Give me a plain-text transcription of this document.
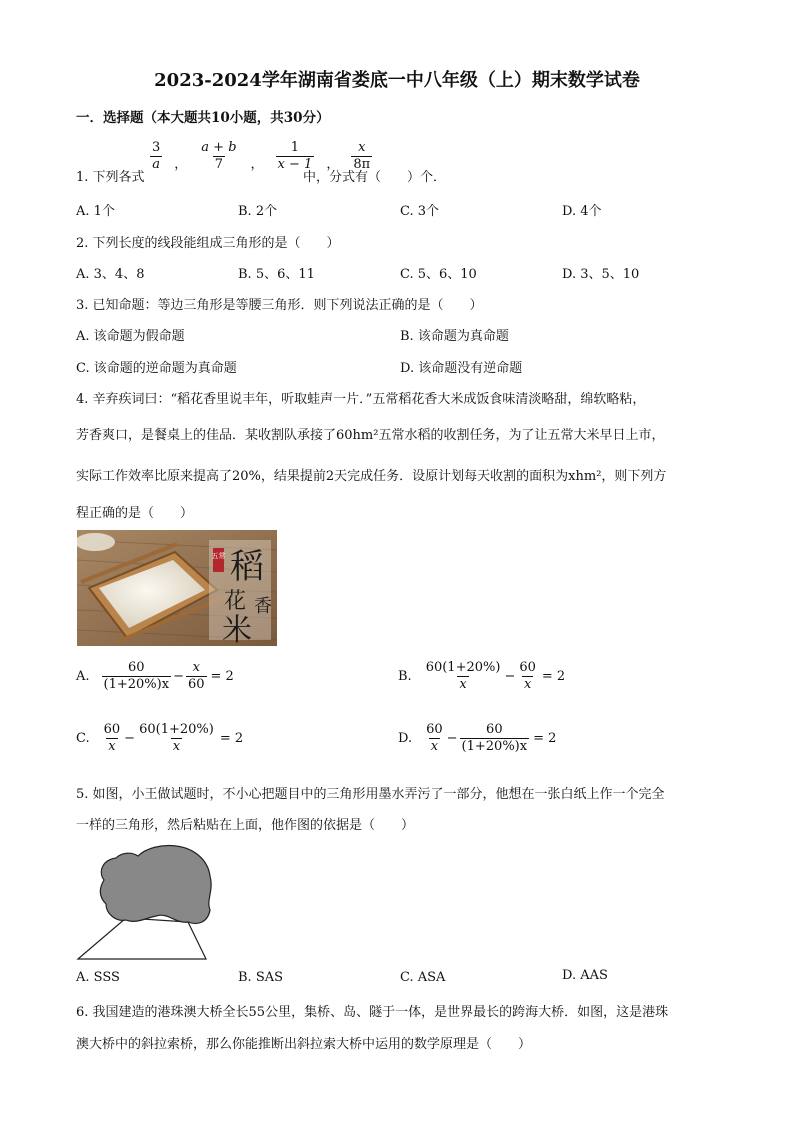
2023-2024学年湖南省娄底一中八年级（上）期末数学试卷
一．选择题（本大题共10小题，共30分）
$\frac{3}{a}$ ， $\frac{a + b}{7}$ ， $\frac{1}{x - 1}$ ， $\frac{x}{8\pi}$
1. 下列各式	中，分式有（　　）个．
A. 1个	B. 2个	C. 3个	D. 4个
2. 下列长度的线段能组成三角形的是（　　）
A. 3、4、8	B. 5、6、11	C. 5、6、10	D. 3、5、10
3. 已知命题：等边三角形是等腰三角形．则下列说法正确的是（　　）
A. 该命题为假命题	B. 该命题为真命题
C. 该命题的逆命题为真命题	D. 该命题没有逆命题
4. 辛弃疾词曰：“稻花香里说丰年，听取蛙声一片．”五常稻花香大米成饭食味清淡略甜，绵软略粘，
芳香爽口，是餐桌上的佳品．某收割队承接了60hm²五常水稻的收割任务，为了让五常大米早日上市，
实际工作效率比原来提高了20%，结果提前2天完成任务．设原计划每天收割的面积为xhm²，则下列方
程正确的是（　　）
五常 稻
花 香
米
A. $\frac{60}{(1+20\%)x} - \frac{x}{60} = 2$	B. $\frac{60(1+20\%)}{x} - \frac{60}{x} = 2$
C. $\frac{60}{x} - \frac{60(1+20\%)}{x} = 2$	D. $\frac{60}{x} - \frac{60}{(1+20\%)x} = 2$
5. 如图，小王做试题时，不小心把题目中的三角形用墨水弄污了一部分，他想在一张白纸上作一个完全
一样的三角形，然后粘贴在上面，他作图的依据是（　　）
A. SSS	B. SAS	C. ASA	D. AAS
6. 我国建造的港珠澳大桥全长55公里，集桥、岛、隧于一体，是世界最长的跨海大桥．如图，这是港珠
澳大桥中的斜拉索桥，那么你能推断出斜拉索大桥中运用的数学原理是（　　）
